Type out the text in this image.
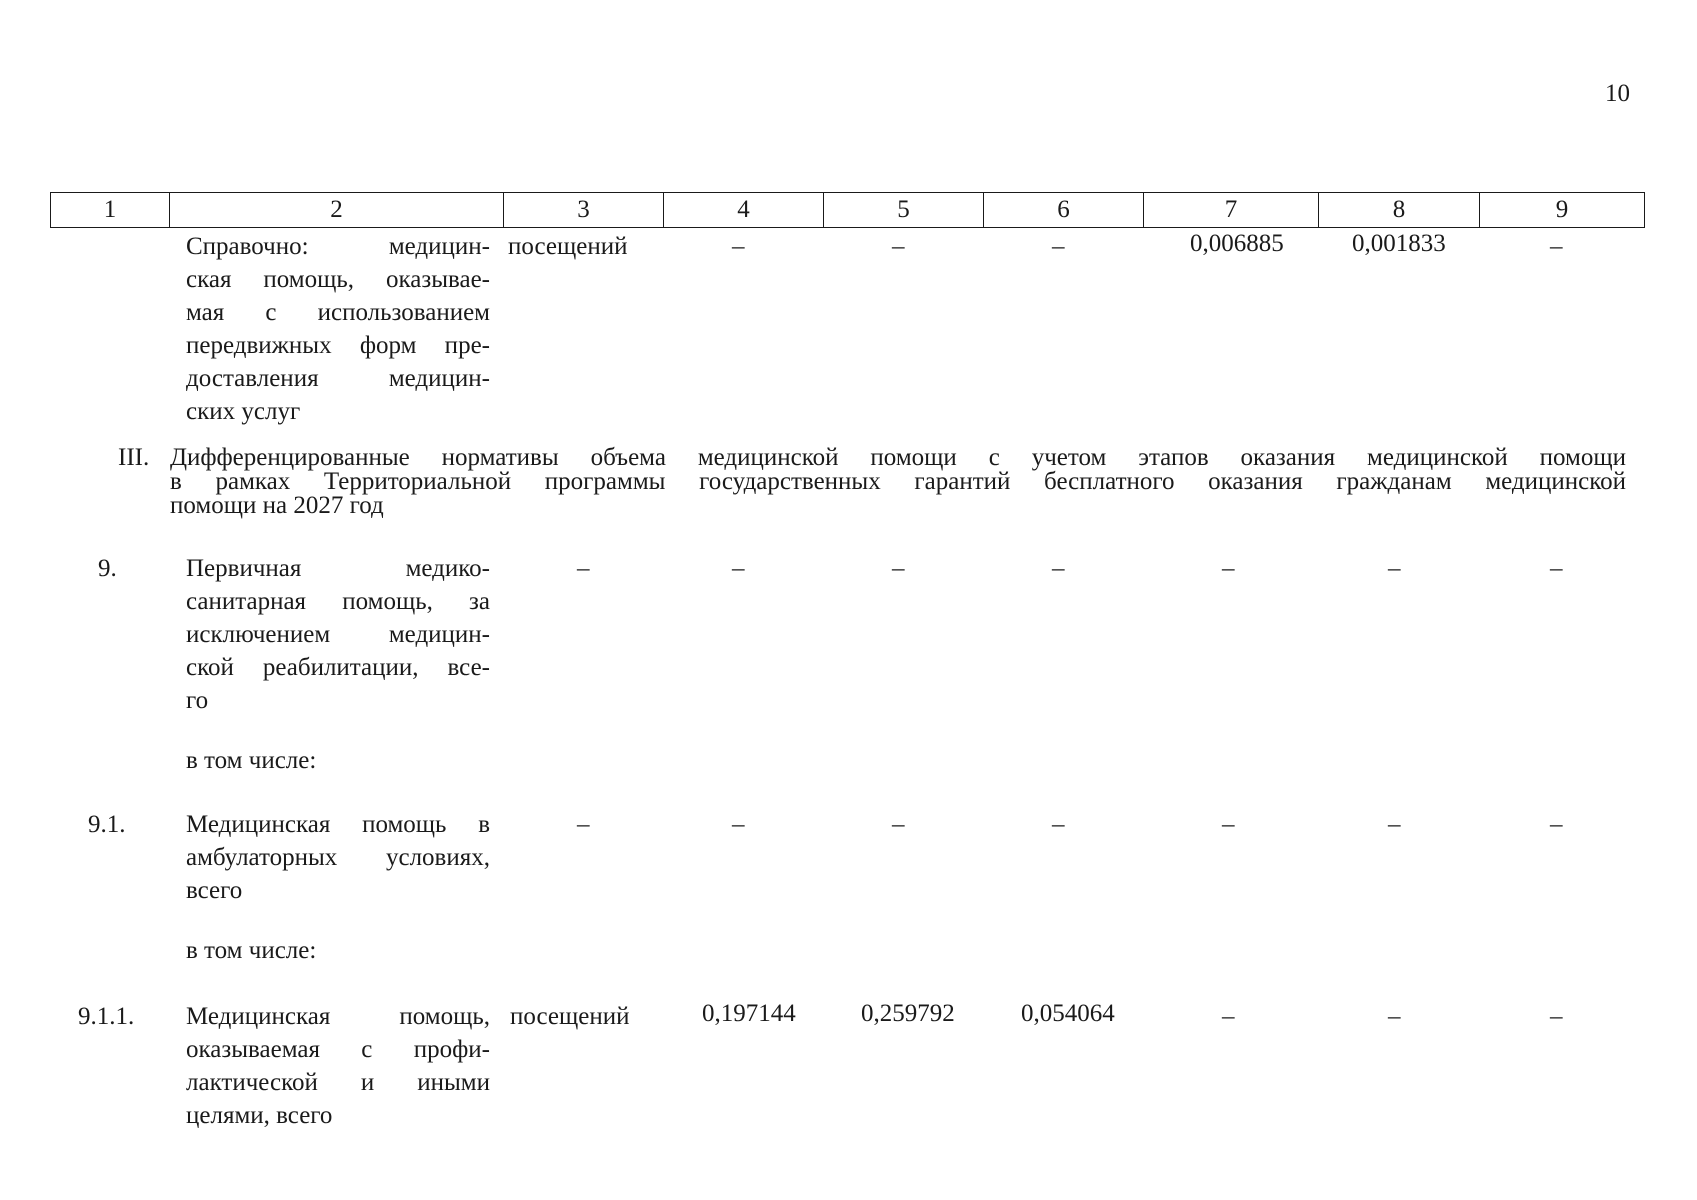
10
1	2	3	4	5	6	7	8	9
Справочно: медицин-
ская помощь, оказывае-
мая с использованием
передвижных форм пре-
доставления медицин-
ских услуг
посещений	–	–	–	0,006885	0,001833	–
III. Дифференцированные нормативы объема медицинской помощи с учетом этапов оказания медицинской помощи
в рамках Территориальной программы государственных гарантий бесплатного оказания гражданам медицинской
помощи на 2027 год
9.	Первичная медико-
санитарная помощь, за
исключением медицин-
ской реабилитации, все-
го
–	–	–	–	–	–	–
в том числе:
9.1. Медицинская помощь в
амбулаторных условиях,
всего
–	–	–	–	–	–	–
в том числе:
9.1.1. Медицинская помощь,
оказываемая с профи-
лактической и иными
целями, всего
посещений	0,197144	0,259792	0,054064	–	–	–
